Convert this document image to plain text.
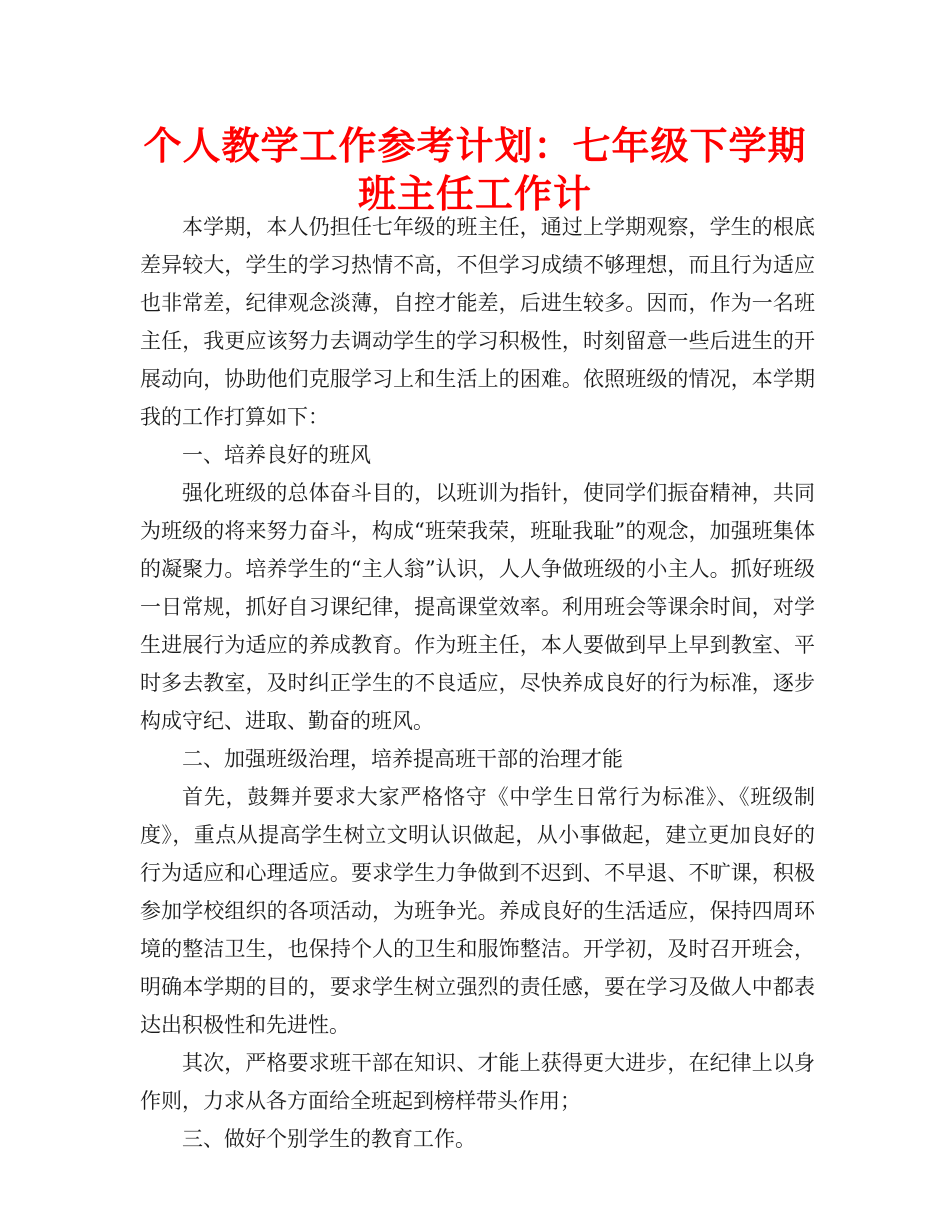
个人教学工作参考计划：七年级下学期班主任工作计

本学期，本人仍担任七年级的班主任，通过上学期观察，学生的根底差异较大，学生的学习热情不高，不但学习成绩不够理想，而且行为适应也非常差，纪律观念淡薄，自控才能差，后进生较多。因而，作为一名班主任，我更应该努力去调动学生的学习积极性，时刻留意一些后进生的开展动向，协助他们克服学习上和生活上的困难。依照班级的情况，本学期我的工作打算如下：

一、培养良好的班风

强化班级的总体奋斗目的，以班训为指针，使同学们振奋精神，共同为班级的将来努力奋斗，构成“班荣我荣，班耻我耻”的观念，加强班集体的凝聚力。培养学生的“主人翁”认识，人人争做班级的小主人。抓好班级一日常规，抓好自习课纪律，提高课堂效率。利用班会等课余时间，对学生进展行为适应的养成教育。作为班主任，本人要做到早上早到教室、平时多去教室，及时纠正学生的不良适应，尽快养成良好的行为标准，逐步构成守纪、进取、勤奋的班风。

二、加强班级治理，培养提高班干部的治理才能

首先，鼓舞并要求大家严格恪守《中学生日常行为标准》、《班级制度》，重点从提高学生树立文明认识做起，从小事做起，建立更加良好的行为适应和心理适应。要求学生力争做到不迟到、不早退、不旷课，积极参加学校组织的各项活动，为班争光。养成良好的生活适应，保持四周环境的整洁卫生，也保持个人的卫生和服饰整洁。开学初，及时召开班会，明确本学期的目的，要求学生树立强烈的责任感，要在学习及做人中都表达出积极性和先进性。

其次，严格要求班干部在知识、才能上获得更大进步，在纪律上以身作则，力求从各方面给全班起到榜样带头作用；

三、做好个别学生的教育工作。
